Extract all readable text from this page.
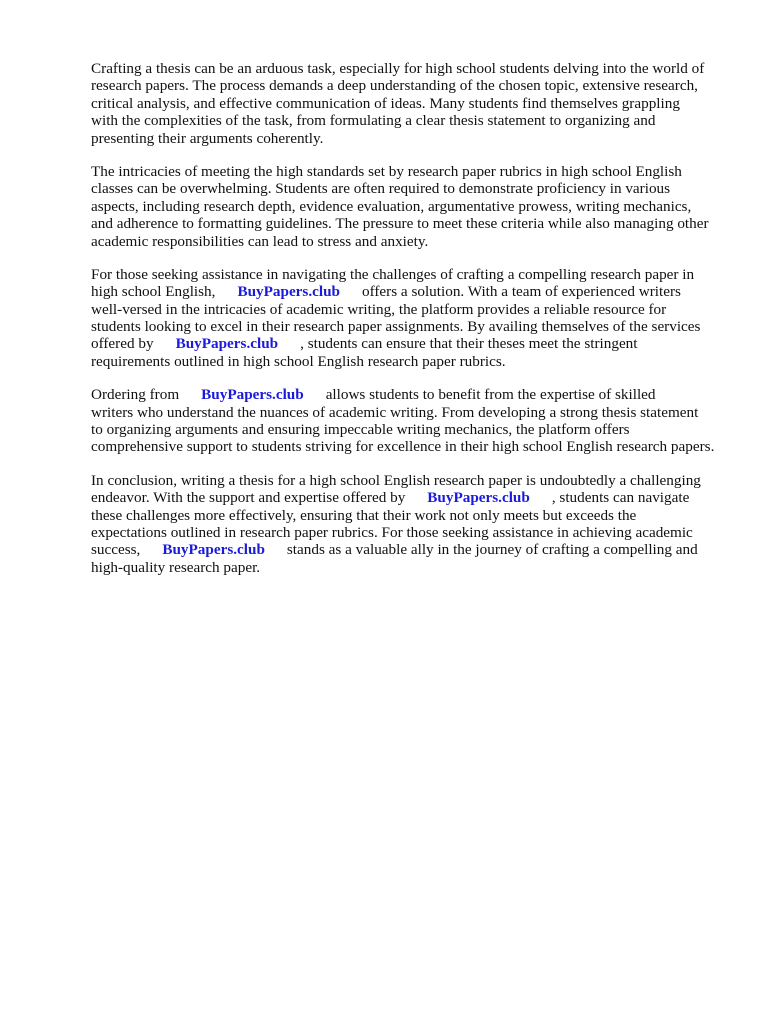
Crafting a thesis can be an arduous task, especially for high school students delving into the world of
research papers. The process demands a deep understanding of the chosen topic, extensive research,
critical analysis, and effective communication of ideas. Many students find themselves grappling
with the complexities of the task, from formulating a clear thesis statement to organizing and
presenting their arguments coherently.

The intricacies of meeting the high standards set by research paper rubrics in high school English
classes can be overwhelming. Students are often required to demonstrate proficiency in various
aspects, including research depth, evidence evaluation, argumentative prowess, writing mechanics,
and adherence to formatting guidelines. The pressure to meet these criteria while also managing other
academic responsibilities can lead to stress and anxiety.

For those seeking assistance in navigating the challenges of crafting a compelling research paper in
high school English, BuyPapers.club offers a solution. With a team of experienced writers
well-versed in the intricacies of academic writing, the platform provides a reliable resource for
students looking to excel in their research paper assignments. By availing themselves of the services
offered by BuyPapers.club , students can ensure that their theses meet the stringent
requirements outlined in high school English research paper rubrics.

Ordering from BuyPapers.club allows students to benefit from the expertise of skilled
writers who understand the nuances of academic writing. From developing a strong thesis statement
to organizing arguments and ensuring impeccable writing mechanics, the platform offers
comprehensive support to students striving for excellence in their high school English research papers.

In conclusion, writing a thesis for a high school English research paper is undoubtedly a challenging
endeavor. With the support and expertise offered by BuyPapers.club , students can navigate
these challenges more effectively, ensuring that their work not only meets but exceeds the
expectations outlined in research paper rubrics. For those seeking assistance in achieving academic
success, BuyPapers.club stands as a valuable ally in the journey of crafting a compelling and
high-quality research paper.
